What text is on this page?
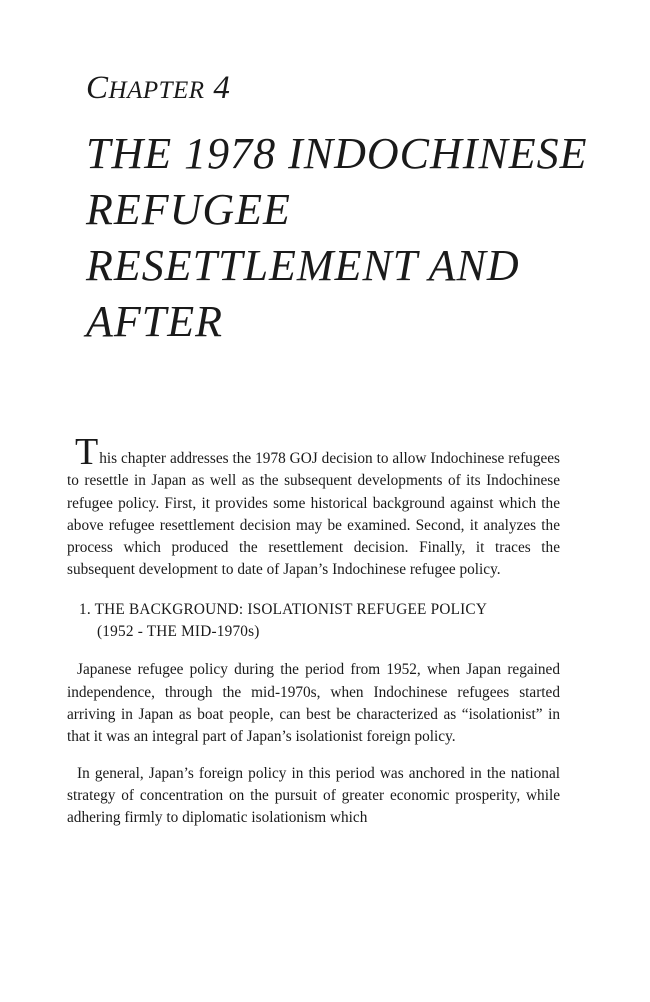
CHAPTER 4
THE 1978 INDOCHINESE
REFUGEE
RESETTLEMENT AND
AFTER

This chapter addresses the 1978 GOJ decision to allow Indochinese refugees to resettle in Japan as well as the subsequent developments of its Indochinese refugee policy. First, it provides some historical background against which the above refugee resettlement decision may be examined. Second, it analyzes the process which produced the resettlement decision. Finally, it traces the subsequent development to date of Japan’s Indochinese refugee policy.

1. THE BACKGROUND: ISOLATIONIST REFUGEE POLICY
(1952 - THE MID-1970s)

Japanese refugee policy during the period from 1952, when Japan regained independence, through the mid-1970s, when Indochinese refugees started arriving in Japan as boat people, can best be characterized as “isolationist” in that it was an integral part of Japan’s isolationist foreign policy.

In general, Japan’s foreign policy in this period was anchored in the national strategy of concentration on the pursuit of greater economic prosperity, while adhering firmly to diplomatic isolationism which
